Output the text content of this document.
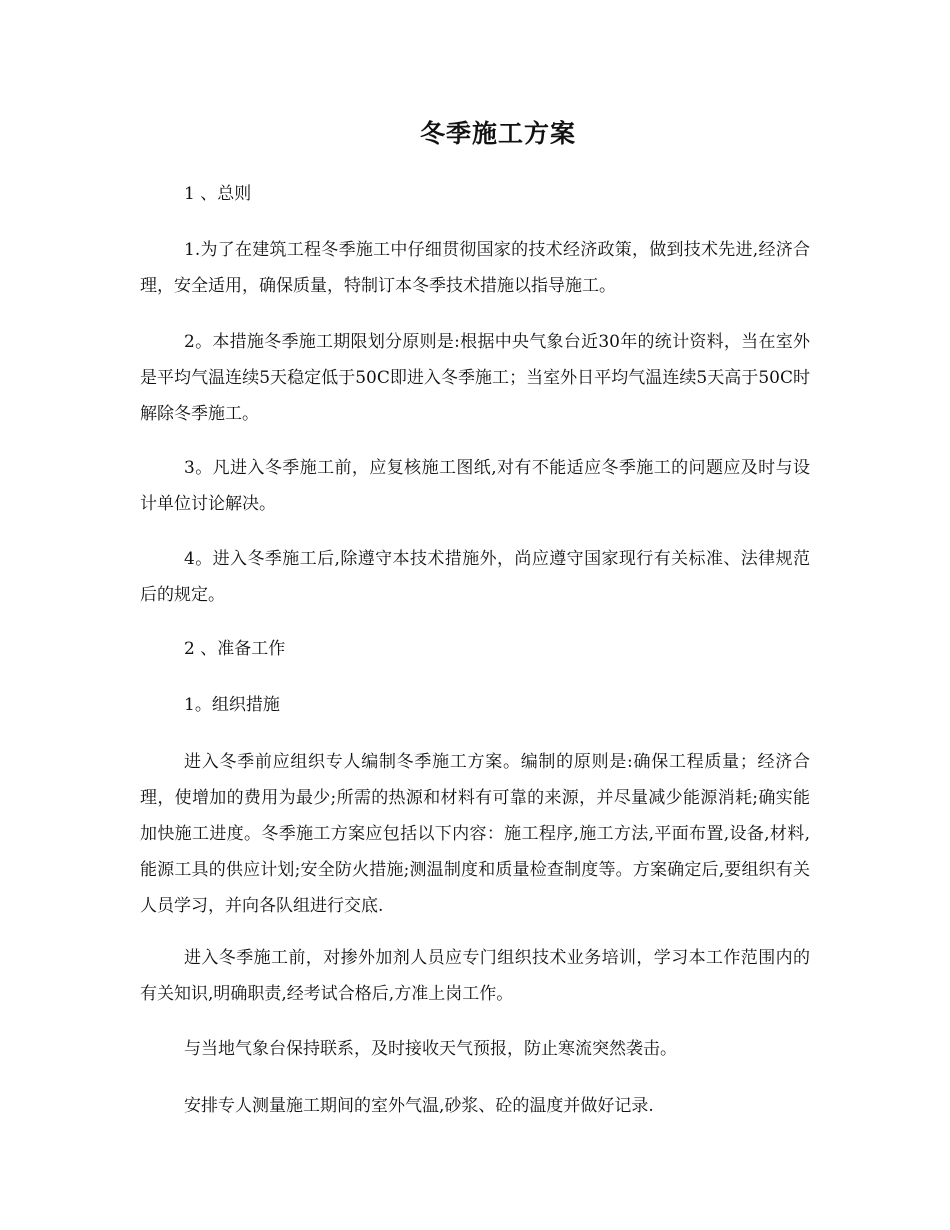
冬季施工方案

1 、总则

1.为了在建筑工程冬季施工中仔细贯彻国家的技术经济政策，做到技术先进,经济合理，安全适用，确保质量，特制订本冬季技术措施以指导施工。

2。本措施冬季施工期限划分原则是:根据中央气象台近30年的统计资料，当在室外是平均气温连续5天稳定低于50C即进入冬季施工；当室外日平均气温连续5天高于50C时解除冬季施工。

3。凡进入冬季施工前，应复核施工图纸,对有不能适应冬季施工的问题应及时与设计单位讨论解决。

4。进入冬季施工后,除遵守本技术措施外，尚应遵守国家现行有关标准、法律规范后的规定。

2 、准备工作

1。组织措施

进入冬季前应组织专人编制冬季施工方案。编制的原则是:确保工程质量；经济合理，使增加的费用为最少;所需的热源和材料有可靠的来源，并尽量减少能源消耗;确实能加快施工进度。冬季施工方案应包括以下内容：施工程序,施工方法,平面布置,设备,材料,能源工具的供应计划;安全防火措施;测温制度和质量检查制度等。方案确定后,要组织有关人员学习，并向各队组进行交底.

进入冬季施工前，对掺外加剂人员应专门组织技术业务培训，学习本工作范围内的有关知识,明确职责,经考试合格后,方准上岗工作。

与当地气象台保持联系，及时接收天气预报，防止寒流突然袭击。

安排专人测量施工期间的室外气温,砂浆、砼的温度并做好记录.
